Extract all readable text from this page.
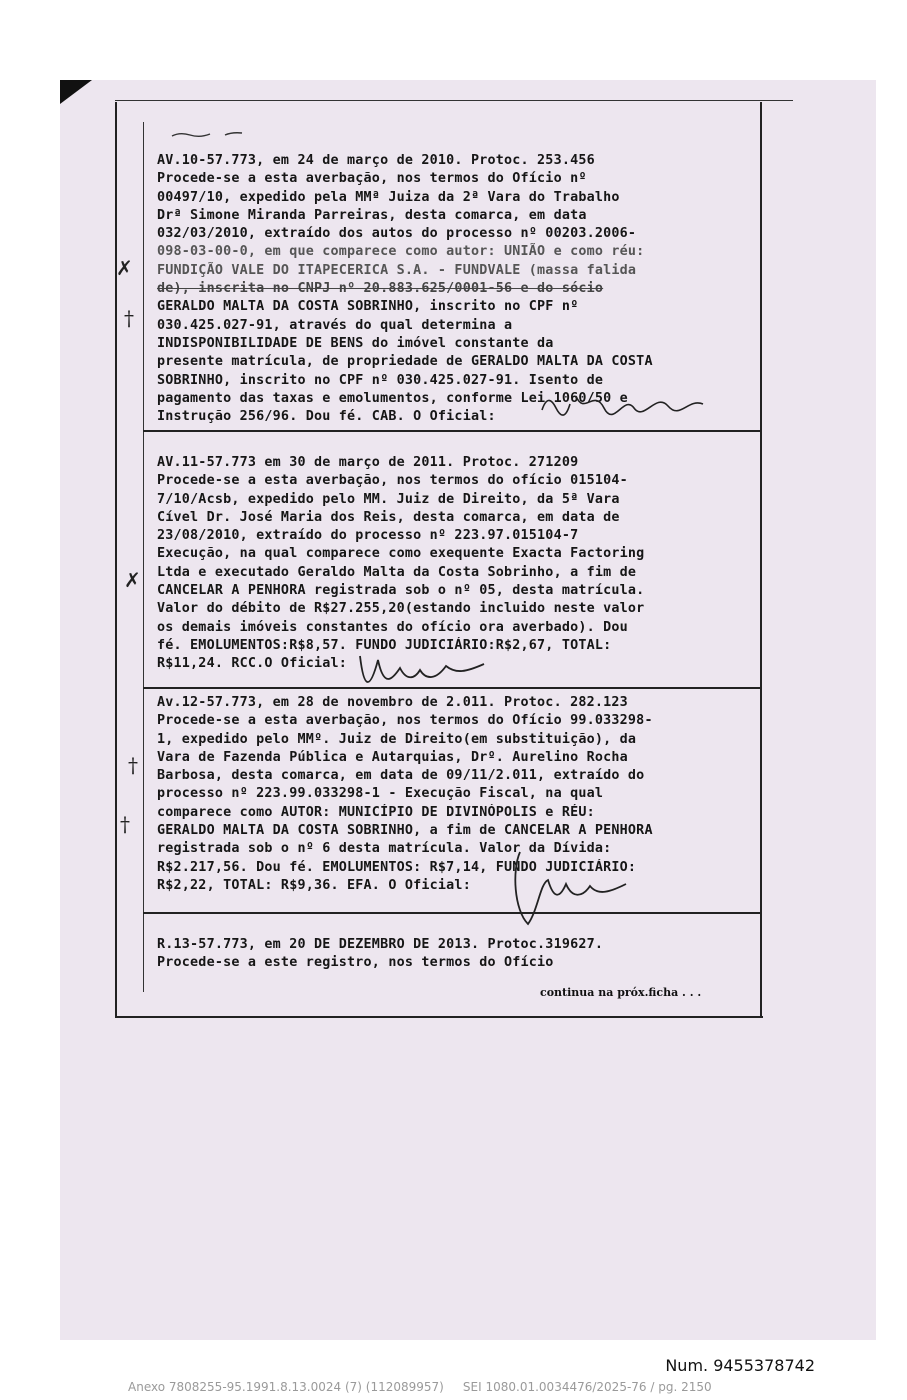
AV.10-57.773, em 24 de março de 2010. Protoc. 253.456

Procede-se a esta averbação, nos termos do Ofício nº

00497/10, expedido pela MMª Juiza da 2ª Vara do Trabalho

Drª Simone Miranda Parreiras, desta comarca, em data

032/03/2010, extraído dos autos do processo nº 00203.2006-

098-03-00-0, em que comparece como autor: UNIÃO e como réu:

FUNDIÇÃO VALE DO ITAPECERICA S.A. - FUNDVALE (massa falida

de), inscrita no CNPJ nº 20.883.625/0001-56 e do sócio

GERALDO MALTA DA COSTA SOBRINHO, inscrito no CPF nº

030.425.027-91, através do qual determina a

INDISPONIBILIDADE DE BENS do imóvel constante da

presente matrícula, de propriedade de GERALDO MALTA DA COSTA

SOBRINHO, inscrito no CPF nº 030.425.027-91. Isento de

pagamento das taxas e emolumentos, conforme Lei 1060/50 e

Instrução 256/96. Dou fé. CAB. O Oficial:

AV.11-57.773 em 30 de março de 2011. Protoc. 271209

Procede-se a esta averbação, nos termos do ofício 015104-

7/10/Acsb, expedido pelo MM. Juiz de Direito, da 5ª Vara

Cível Dr. José Maria dos Reis, desta comarca, em data de

23/08/2010, extraído do processo nº 223.97.015104-7

Execução, na qual comparece como exequente Exacta Factoring

Ltda e executado Geraldo Malta da Costa Sobrinho, a fim de

CANCELAR A PENHORA registrada sob o nº 05, desta matrícula.

Valor do débito de R$27.255,20(estando incluido neste valor

os demais imóveis constantes do ofício ora averbado). Dou

fé. EMOLUMENTOS:R$8,57. FUNDO JUDICIÁRIO:R$2,67, TOTAL:

R$11,24. RCC.O Oficial:

Av.12-57.773, em 28 de novembro de 2.011. Protoc. 282.123

Procede-se a esta averbação, nos termos do Ofício 99.033298-

1, expedido pelo MMº. Juiz de Direito(em substituição), da

Vara de Fazenda Pública e Autarquias, Drº. Aurelino Rocha

Barbosa, desta comarca, em data de 09/11/2.011, extraído do

processo nº 223.99.033298-1 - Execução Fiscal, na qual

comparece como AUTOR: MUNICÍPIO DE DIVINÓPOLIS e RÉU:

GERALDO MALTA DA COSTA SOBRINHO, a fim de CANCELAR A PENHORA

registrada sob o nº 6 desta matrícula. Valor da Dívida:

R$2.217,56. Dou fé. EMOLUMENTOS: R$7,14, FUNDO JUDICIÁRIO:

R$2,22, TOTAL: R$9,36. EFA. O Oficial:

R.13-57.773, em 20 DE DEZEMBRO DE 2013. Protoc.319627.

Procede-se a este registro, nos termos do Ofício

continua na próx.ficha . . .
✗
†
✗
†
†
Num. 9455378742
Anexo 7808255-95.1991.8.13.0024 (7) (112089957)     SEI 1080.01.0034476/2025-76 / pg. 2150
